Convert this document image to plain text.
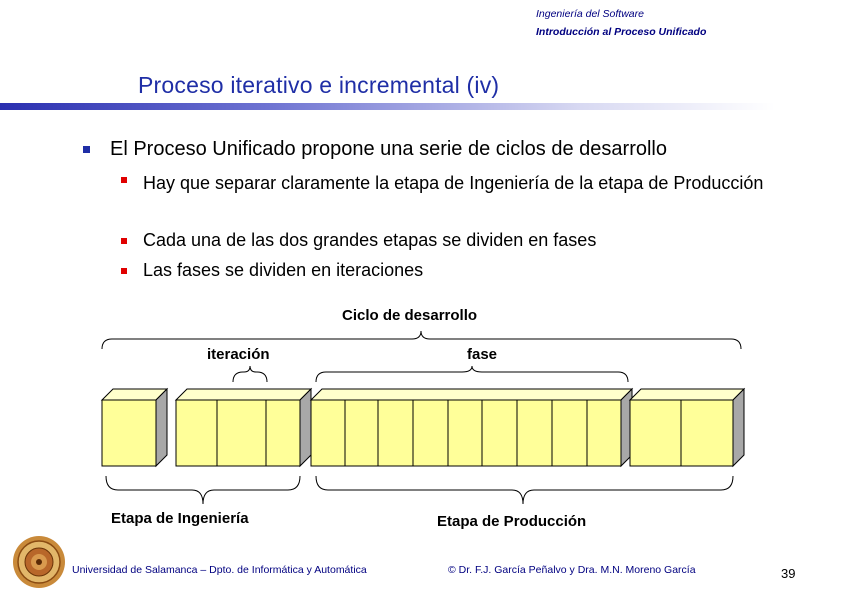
Ingeniería del Software
Introducción al Proceso Unificado
Proceso iterativo e incremental (iv)
El Proceso Unificado propone una serie de ciclos de desarrollo
Hay que separar claramente la etapa de Ingeniería de la etapa de Producción
Cada una de las dos grandes etapas se dividen en fases
Las fases se dividen en iteraciones
Ciclo de desarrollo
iteración	fase
Etapa de Ingeniería	Etapa de Producción
Universidad de Salamanca – Dpto. de Informática y Automática	© Dr. F.J. García Peñalvo y Dra. M.N. Moreno García	39
